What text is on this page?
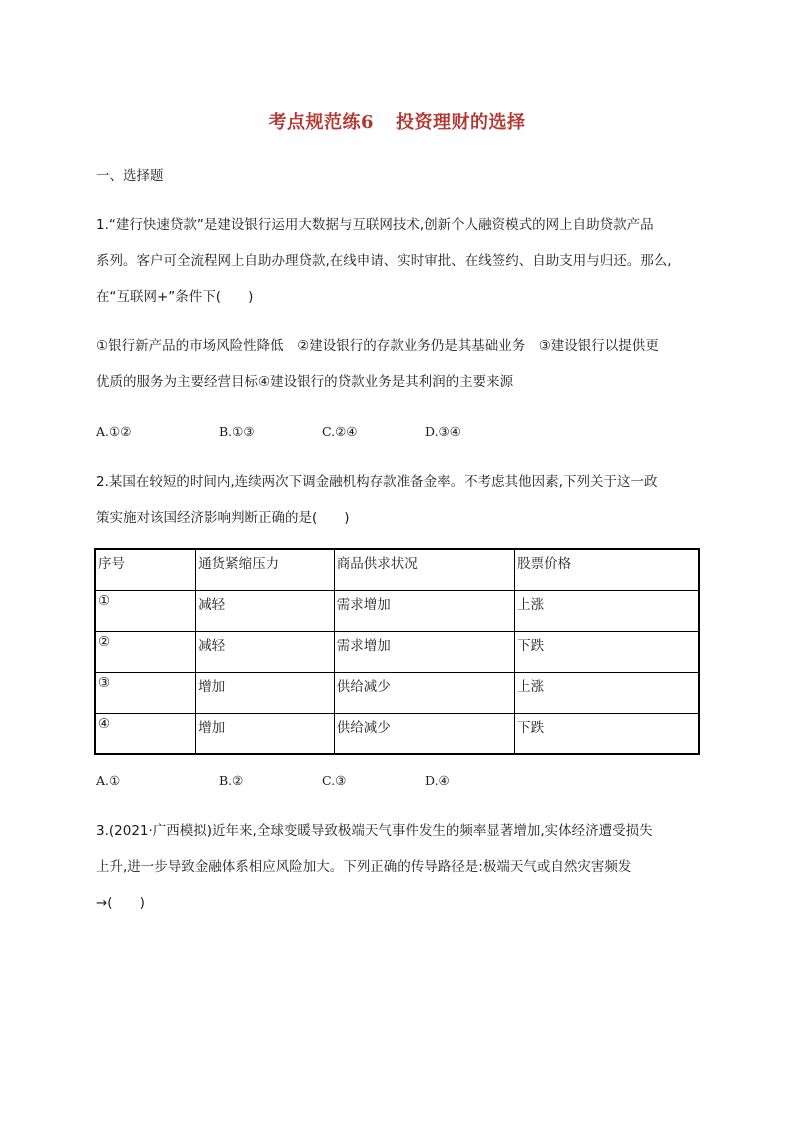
考点规范练6 投资理财的选择
一、选择题
1.“建行快速贷款”是建设银行运用大数据与互联网技术,创新个人融资模式的网上自助贷款产品
系列。客户可全流程网上自助办理贷款,在线申请、实时审批、在线签约、自助支用与归还。那么,
在“互联网+”条件下(　　)
①银行新产品的市场风险性降低　②建设银行的存款业务仍是其基础业务　③建设银行以提供更
优质的服务为主要经营目标④建设银行的贷款业务是其利润的主要来源
A.①②	B.①③	C.②④	D.③④
2.某国在较短的时间内,连续两次下调金融机构存款准备金率。不考虑其他因素,下列关于这一政
策实施对该国经济影响判断正确的是(　　)
序号	通货紧缩压力	商品供求状况	股票价格
①	减轻	需求增加	上涨
②	减轻	需求增加	下跌
③	增加	供给减少	上涨
④	增加	供给减少	下跌
A.①	B.②	C.③	D.④
3.(2021·广西模拟)近年来,全球变暖导致极端天气事件发生的频率显著增加,实体经济遭受损失
上升,进一步导致金融体系相应风险加大。下列正确的传导路径是:极端天气或自然灾害频发
→(　　)
